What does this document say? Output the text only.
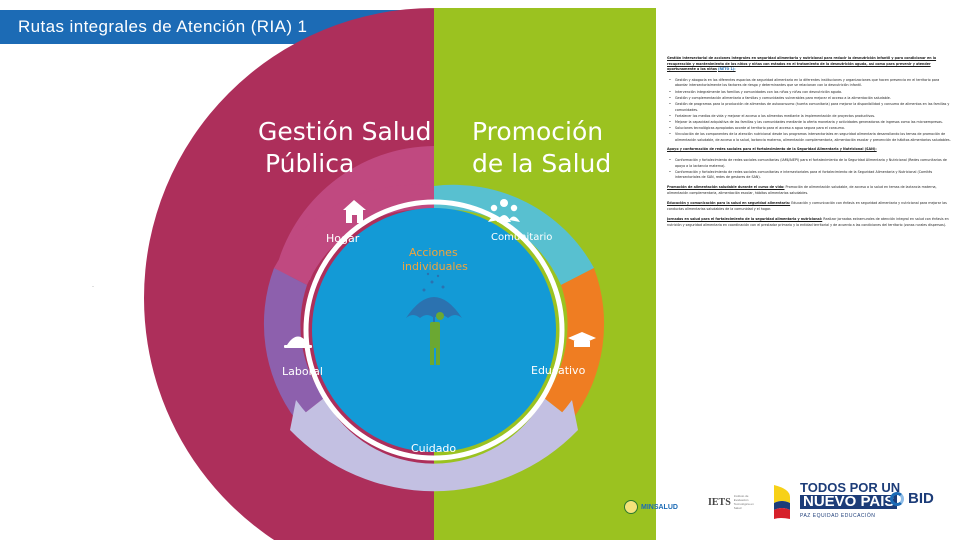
Rutas integrales de Atención (RIA) 1
Gestión Salud
Pública
Promoción
de la Salud
Hogar	Comunitario
Laboral	Educativo
Cuidado
Acciones
individuales
·

Gestión intersectorial de acciones integrales en seguridad alimentaria y nutricional para reducir la desnutrición infantil y para condicionar en la recuperación y mantenimiento de los niños y niñas con estados en el tratamiento de la desnutrición aguda, así como para prevenir y atender oportunamente a los niños (RETO 1):

• Gestión y abogacía en los diferentes espacios de seguridad alimentaria en la diferentes instituciones y organizaciones que hacen presencia en el territorio para abordar intersectorialmente los factores de riesgo y determinantes que se relacionan con la desnutrición infantil.
• Intervención integralmente las familias y comunidades con los niños y niñas con desnutrición aguda.
• Gestión y complementación alimentaria a familias y comunidades vulnerables para mejorar el acceso a la alimentación saludable.
• Gestión de programas para la producción de alimentos de autoconsumo (huerta comunitaria) para mejorar la disponibilidad y consumo de alimentos en las familias y comunidades.
• Fortalecer los medios de vida y mejorar el acceso a los alimentos mediante la implementación de proyectos productivos.
• Mejorar la capacidad adquisitiva de las familias y las comunidades mediante la oferta monetaria y actividades generadoras de ingresos como las microempresas.
• Soluciones tecnológicas apropiadas acorde al territorio para el acceso a agua segura para el consumo.
• Vinculación de los componentes de la atención nutricional desde los programas intersectoriales en seguridad alimentaria desarrollando los temas de promoción de alimentación saludable, de acceso a la salud, lactancia materna, alimentación complementaria, alimentación escolar y prevención de hábitos alimentarios saludables.

Apoyo y conformación de redes sociales para el fortalecimiento de la Seguridad Alimentaria y Nutricional (SAN):

• Conformación y fortalecimiento de redes sociales comunitarias (IAMI/AIEPI) para el fortalecimiento de la Seguridad Alimentaria y Nutricional (Redes comunitarias de apoyo a la lactancia materna).
• Conformación y fortalecimiento de redes sociales comunitarias e intersectoriales para el fortalecimiento de la Seguridad Alimentaria y Nutricional (Comités intersectoriales de SAN, redes de gestores de SAN).

Promoción de alimentación saludable durante el curso de vida: Promoción de alimentación saludable, de acceso a la salud en temas de lactancia materna, alimentación complementaria, alimentación escolar, hábitos alimentarios saludables.

Educación y comunicación para la salud en seguridad alimentaria: Educación y comunicación con énfasis en seguridad alimentaria y nutricional para mejorar las conductas alimentarias saludables de la comunidad y el hogar.

Jornadas en salud para el fortalecimiento de la seguridad alimentaria y nutricional: Realizar jornadas extramurales de atención integral en salud con énfasis en nutrición y seguridad alimentaria en coordinación con el prestador primario y la entidad territorial y de acuerdo a las condiciones del territorio (zonas rurales dispersas).

MINSALUD	IETS
Instituto de Evaluación Tecnológica en Salud
TODOS POR UN
NUEVO PAÍS
PAZ EQUIDAD EDUCACIÓN
BID
